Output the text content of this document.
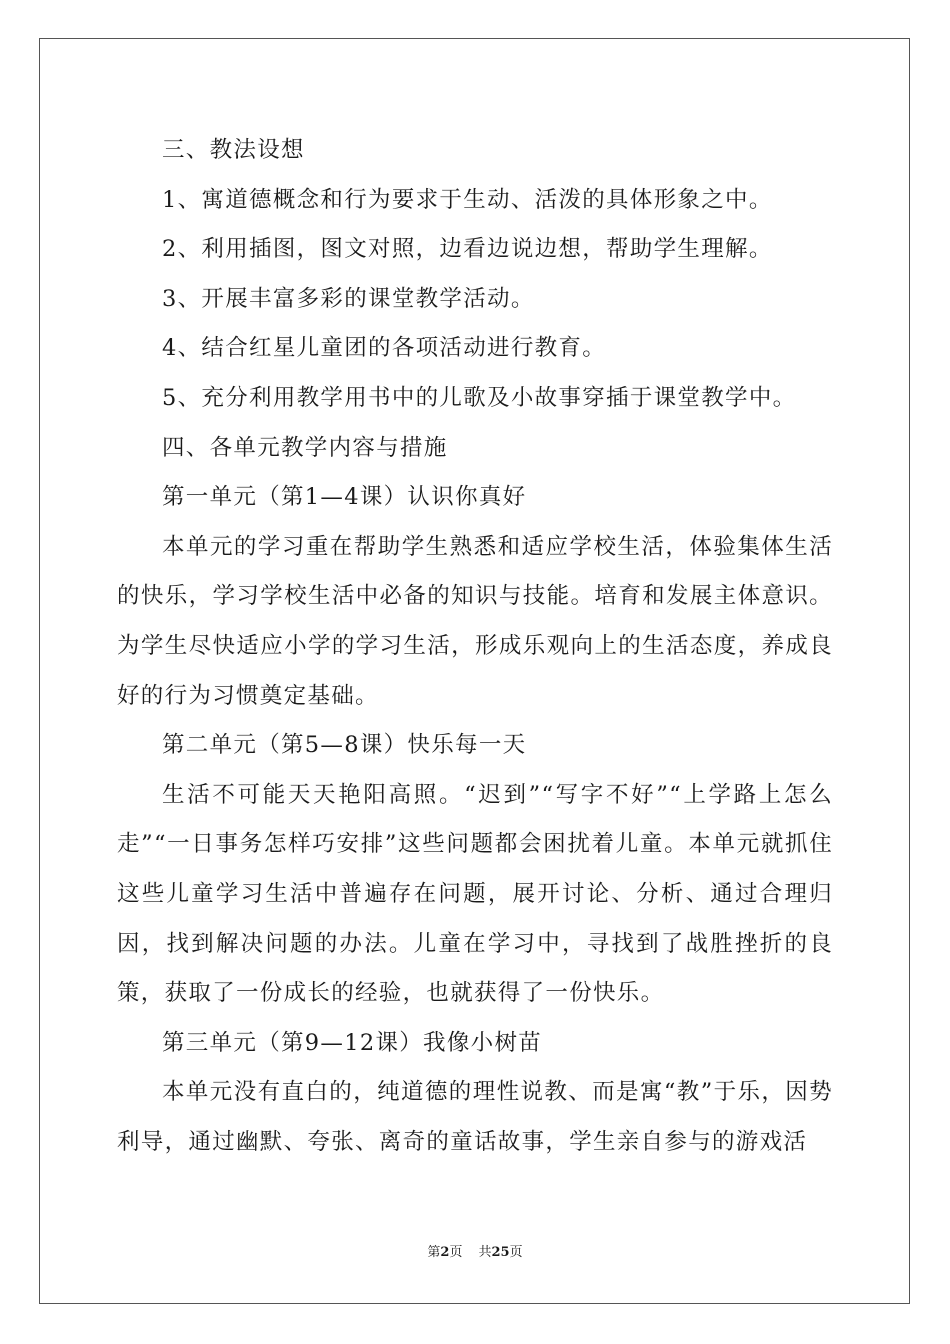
三、教法设想

1、寓道德概念和行为要求于生动、活泼的具体形象之中。

2、利用插图，图文对照，边看边说边想，帮助学生理解。

3、开展丰富多彩的课堂教学活动。

4、结合红星儿童团的各项活动进行教育。

5、充分利用教学用书中的儿歌及小故事穿插于课堂教学中。

四、各单元教学内容与措施

第一单元（第1—4课）认识你真好

本单元的学习重在帮助学生熟悉和适应学校生活，体验集体生活的快乐，学习学校生活中必备的知识与技能。培育和发展主体意识。为学生尽快适应小学的学习生活，形成乐观向上的生活态度，养成良好的行为习惯奠定基础。

第二单元（第5—8课）快乐每一天

生活不可能天天艳阳高照。“迟到”“写字不好”“上学路上怎么走”“一日事务怎样巧安排”这些问题都会困扰着儿童。本单元就抓住这些儿童学习生活中普遍存在问题，展开讨论、分析、通过合理归因，找到解决问题的办法。儿童在学习中，寻找到了战胜挫折的良策，获取了一份成长的经验，也就获得了一份快乐。

第三单元（第9—12课）我像小树苗

本单元没有直白的，纯道德的理性说教、而是寓“教”于乐，因势利导，通过幽默、夸张、离奇的童话故事，学生亲自参与的游戏活

第2页 共25页
